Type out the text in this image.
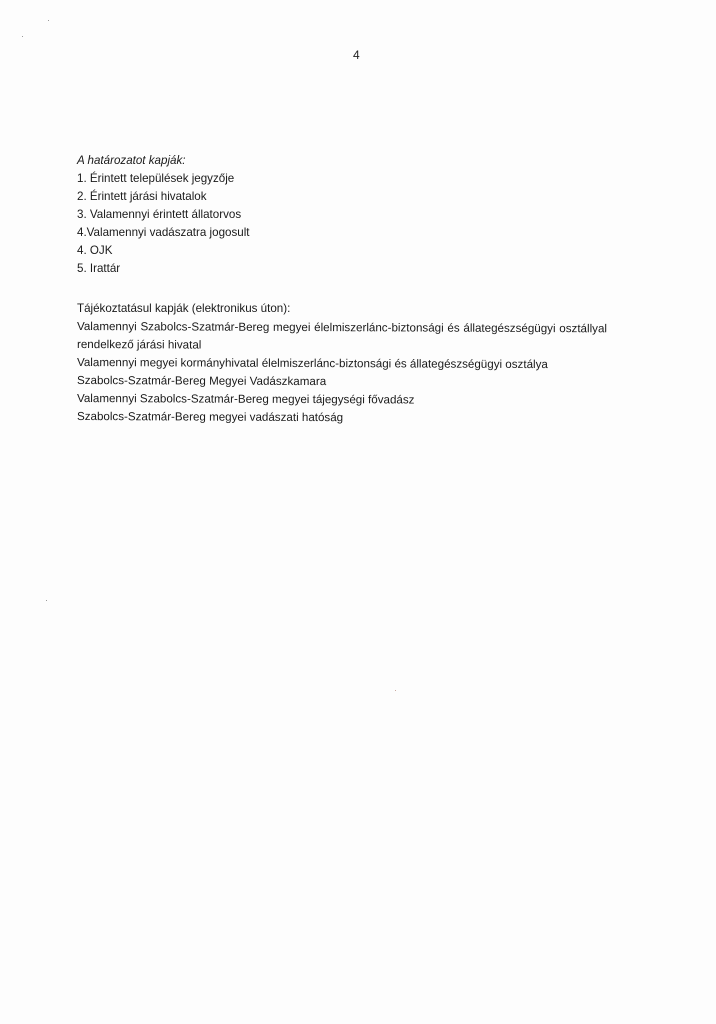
4

A határozatot kapják:

1. Érintett települések jegyzője
2. Érintett járási hivatalok
3. Valamennyi érintett állatorvos
4.Valamennyi vadászatra jogosult
4. OJK
5. Irattár

Tájékoztatásul kapják (elektronikus úton):

Valamennyi Szabolcs-Szatmár-Bereg megyei élelmiszerlánc-biztonsági és állategészségügyi osztállyal
rendelkező járási hivatal
Valamennyi megyei kormányhivatal élelmiszerlánc-biztonsági és állategészségügyi osztálya
Szabolcs-Szatmár-Bereg Megyei Vadászkamara
Valamennyi Szabolcs-Szatmár-Bereg megyei tájegységi fővadász
Szabolcs-Szatmár-Bereg megyei vadászati hatóság
